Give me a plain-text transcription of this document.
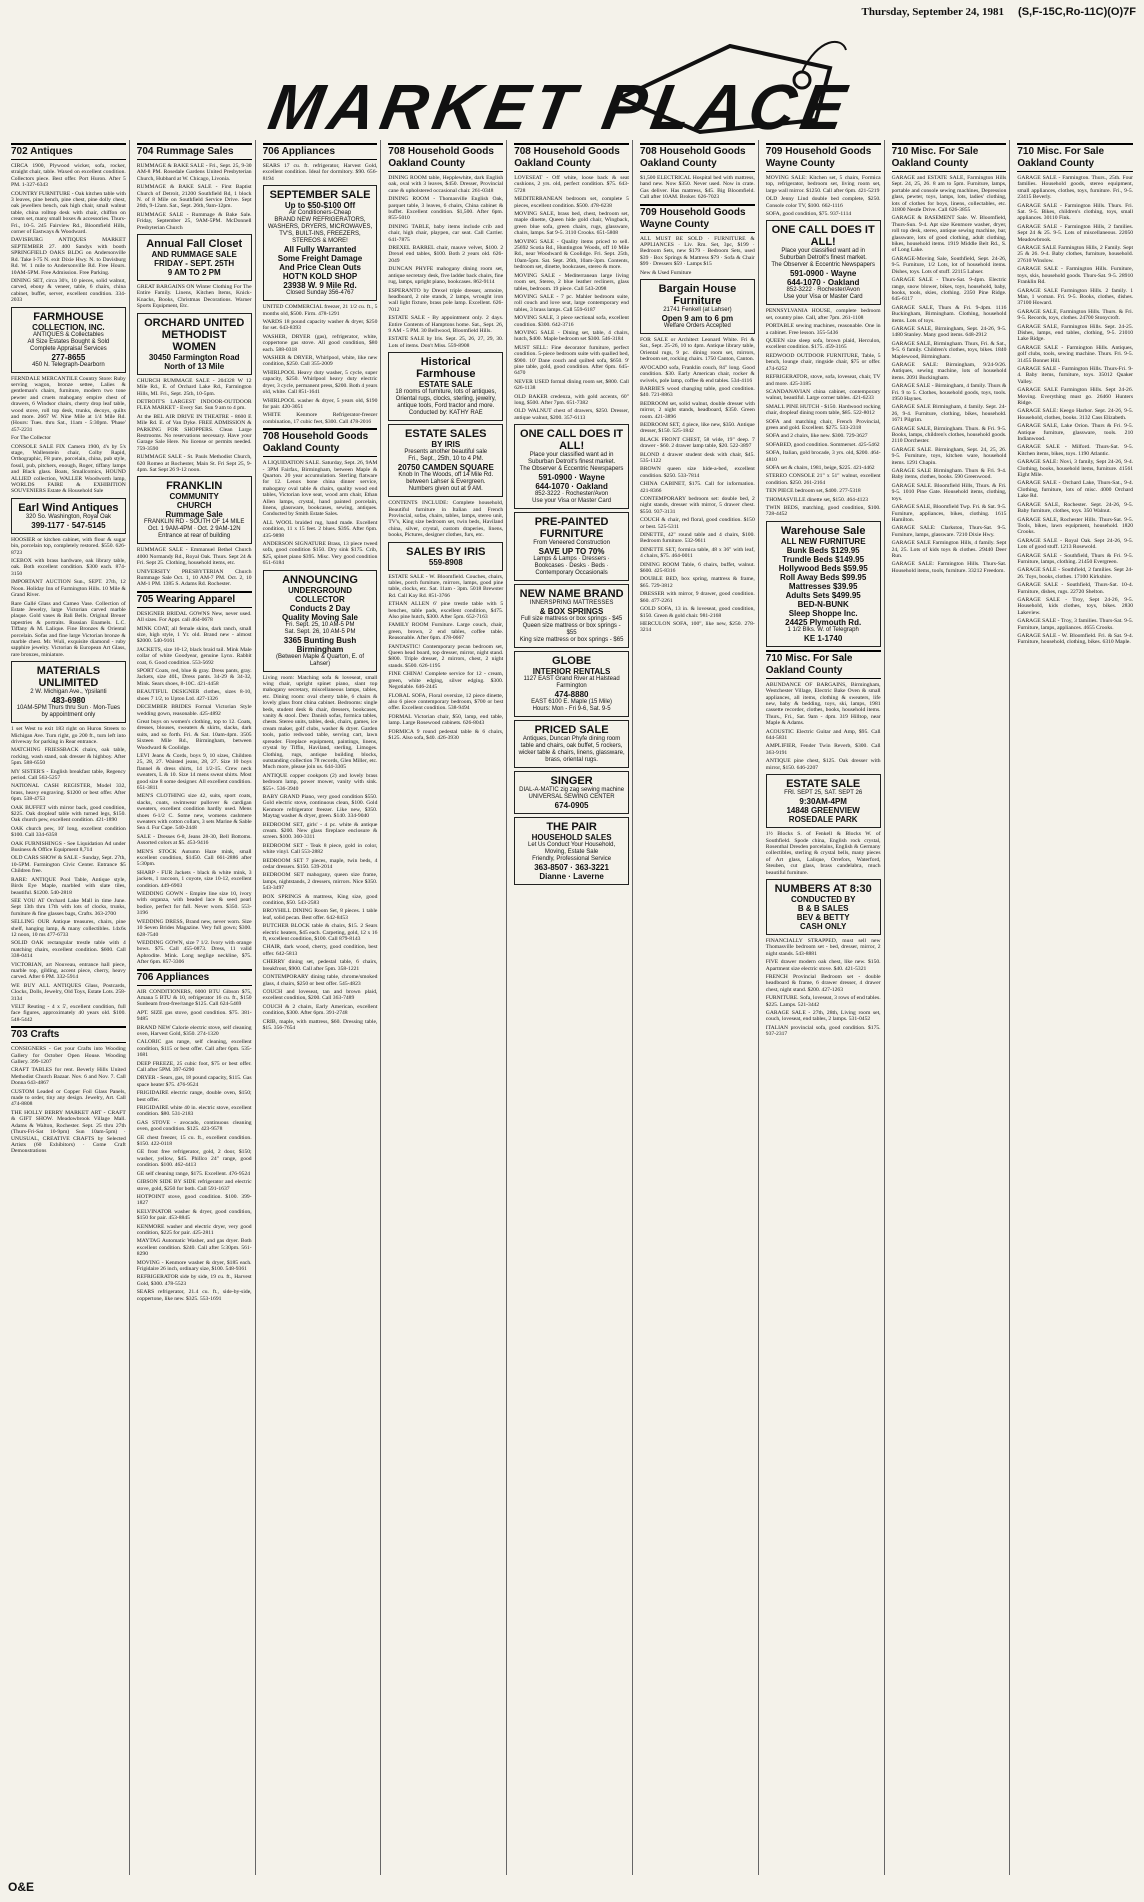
Thursday, September 24, 1981 (S,F-15C,Ro-11C)(O)7F
MARKET PLACE
702 Antiques
CIRCA 1900, Plywood wicker, sofa, rocker, straight chair, table. Waxed on excellent condition. Collectors piece. Best offer. Port Huron. After 5 PM. 1-327-6343
COUNTRY FURNITURE - Oak kitchen table with 3 leaves, pine bench, pine chest, pine dolly chest, oak jewellers bench, oak high chair, small walnut table, china rolltop desk with chair, chiffon on cream set, many small boxes & accessories. Thurs-Fri., 10-5. 245 Fairview Rd., Bloomfield Hills, corner of Eastways & Woodward.
DAVISBURG ANTIQUES MARKET SEPTEMBER 27. 400 Sandys with booth SPRINGFIELD OAKS BLDG on Andersonville Rd. Take I-75 N. exit Dixie Hwy. N. to Davisburg Rd. W. 1 mile to Andersonville Rd. Free Hours. 10AM-5PM. Free Admission. Free Parking.
DINING SET, circa 30's, 10 pieces, solid walnut, carved, ebony & veneer, table, 6 chairs, china cabinet, buffet, server, excellent condition. 334-2033
FARMHOUSE
COLLECTION, INC.
ANTIQUES & Collectables
All Size Estates Bought & Sold
Complete Appraisal Services
277-8655
450 N. Telegraph-Dearborn
FERNDALE MERCANTILE Country Store: Ruby serving wagon, bronze settee, Lalies & gentleman's chairs, furniture, modern two tone pewter and cruets mahogany empire chest of drawers, 6 Windsor chairs, cherry drop leaf table, wood stove, roll top desk, trunks, decoys, quilts and more. 2667 W. Nine Mile at 1/4 Mile Rd. (Hours: Tues. thru Sat., 11am - 5:30pm. 'Phase' 457-2231
For The Collector
CONSOLE SALE FIX Camera 1900, 4's by 5's stage, Wallenstein chair, Colby Rapid, Orthographic, F8 pure, porcelain, china, pub style, fossil, pub, pitchers, enough, Roger, tiffany lamps and Black glass. Boats, Smallcomics, HOUND ALLIED collection, WALLER Woodworth lamp, WORLDS FAIRE & EXHIBITION SOUVENIERS Estate & Household Sale
Earl Wind Antiques
320 So. Washington, Royal Oak
399-1177 · 547-5145
HOOSIER or kitchen cabinet, with flour & sugar bin, porcelain top, completely restored. $550. 626-8723
ICEBOX with brass hardware, oak library table, oak. Both excellent condition. $300 each. 874-3150
IMPORTANT AUCTION Sun., SEPT. 27th, 12 Noon. Holiday Inn of Farmington Hills. 10 Mile & Grand River.
Rare Gallé Glass and Cameo Vase. Collection of Estate Jewelry, large Victorian carved marble plaque. Gold vases & Bali Bells. Original Breuer tapestries & portraits. Russian Enamels. L.C. Tiffany & M. Lalique. Fine Bronzes & Oriental porcelain. Sofas and fine large Victorian bronze & marble chest. Mr. Wuli, exquisite diamond - ruby sapphire jewelry. Victorian & European Art Glass, rare bronzes, miniature.
MATERIALS UNLIMITED
2 W. Michigan Ave., Ypsilanti
483-6980
10AM-5PM Thurs thru Sun · Mon-Tues by appointment only
1 set West to exit 183 right on Huron Streets to Michigan Ave. Turn right, go 200 ft., turn left into driveway for parking in Rear entrance.
MATCHING FRIESSBACK chairs, oak table, rocking, wash stand, oak dresser & highboy. After 5pm. 588-6550
MY SISTER'S - English breakfast table, Regency period. Call 563-5257
NATIONAL CASH REGISTER, Model 332, brass, heavy engraving. $1200 or best offer. After 6pm. 538-4753
OAK BUFFET with mirror back, good condition, $225. Oak dropleaf table with turned legs, $150. Oak church pew, excellent condition. 421-1890
OAK church pew, 10' long, excellent condition $100. Call 334-6358
OAK FURNISHINGS - See Liquidation Ad under Business & Office Equipment 8,714
OLD CARS SHOW & SALE - Sunday, Sept. 27th, 10-5PM. Farmington Civic Center. Entrance $5 Children free.
RARE: ANTIQUE Pool Table, Antique style, Birds Eye Maple, marbled with slate tiles, beautiful. $1200. 540-2818
SEE YOU AT Orchard Lake Mall in time June. Sept 13th thru 17th with lots of clocks, trunks, furniture & fine glasses bags, Crafts. 363-2700
SELLING OUR Antique treasures, chairs, pine shelf, hanging lamp, & many collectibles. 14x6s 12 noon, 10 ms 477-6733
SOLID OAK rectangular trestle table with 4 matching chairs, excellent condition. $600. Call 338-0414
VICTORIAN, art Nouveau, entrance hall piece, marble top, gilding, accent piece, cherry, heavy carved. After 6 PM. 332-5914
WE BUY ALL ANTIQUES Glass, Postcards, Clocks, Dolls, Jewelry, Old Toys, Estate Lots. 258-3134
VELT Reuting - 4 x 5', excellent condition, full face figures, approximately 40 years old. $100. 548-5442
703 Crafts
CONSIGNERS - Get your Crafts into Wooding Gallery for October Open House. Wooding Gallery. 399-1207
CRAFT TABLES for rent. Beverly Hills United Methodist Church Bazaar. Nov. 6 and Nov. 7. Call Donna 643-4867
CUSTOM Leaded or Copper Foil Glass Panels, made to order, tiny any design. Jewelry, Art. Call 474-8808
THE HOLLY BERRY MARKET ART - CRAFT & GIFT SHOW. Meadowbrook Village Mall. Adams & Walton, Rochester. Sept. 25 thru 27th (Thurs-Fri-Sat 10-9pm) Sun 10am-5pm) · UNUSUAL, CREATIVE CRAFTS by Selected Artists (60 Exhibitors) · Come Craft Demonstrations
704 Rummage Sales
RUMMAGE & BAKE SALE - Fri., Sept. 25, 9-30 AM-8 PM. Rosedale Gardens United Presbyterian Church, Hubbard at W. Chicago, Livonia.
RUMMAGE & BAKE SALE - First Baptist Church of Detroit, 21200 Southfield Rd, 1 block N. of 8 Mile on Southfield Service Drive. Sept 26th, 9-12am. Sat., Sept. 26th, 9am-12pm.
RUMMAGE SALE - Rummage & Bake Sale. Friday, September 25, 9AM-5PM. McDonnell Presbyterian Church
Annual Fall Closet
AND RUMMAGE SALE
FRIDAY - SEPT. 25TH
9 AM TO 2 PM
GREAT BARGAINS ON Winter Clothing For The Entire Family. Linens, Kitchen Items, Knick-Knacks, Books, Christmas Decorations. Warner Sports Equipment, Etc.
ORCHARD UNITED METHODIST WOMEN
30450 Farmington Road
North of 13 Mile
CHURCH RUMMAGE SALE - 204328 W 12 Mile Rd., E. of Orchard Lake Rd., Farmington Hills, MI. Fri., Sept. 25th, 10-5pm.
DETROIT'S LARGEST INDOOR-OUTDOOR FLEA MARKET - Every Sat. Sun 9 am to 4 pm.
At the BEL AIR DRIVE IN THEATRE - 8600 E Mile Rd. E. of Van Dyke. FREE ADMISSION & PARKING FOR SHOPPERS. Clean Large Restrooms. No reservations necessary. Have your Garage Sale Here. No license or permits needed. 759-3590
RUMMAGE SALE - St. Pauls Methodist Church, 620 Romeo at Rochester, Main St. Fri Sept 25, 9-4pm. Sat Sept 26 9-12 noon.
FRANKLIN
COMMUNITY
CHURCH
Rummage Sale
FRANKLIN RD - SOUTH OF 14 MILE
Oct. 1 9AM-4PM · Oct. 2 9AM-12N
Entrance at rear of building
RUMMAGE SALE - Emmanuel Bethel Church 4000 Normandy Rd., Royal Oak. Thurs. Sept 24 & Fri. Sept 25. Clothing, household items, etc.
UNIVERSITY PRESBYTERIAN Church Rummage Sale Oct. 1, 10 AM-7 PM. Oct. 2, 10 AM-1 PM. 1385 S. Adams Rd. Rochester.
705 Wearing Apparel
DESIGNER BRIDAL GOWNS New, never used. All sizes. For Appt. call 464-0678
MINK COAT, all female skins, dark ranch, small size, high style, 1 Yr. old. Brand new - almost $2000. 540-9161
JACKETS, size 10-12, black braid tail. Mink Male collar of white Goodyear, genuine Lynx. Rabbit coat, 6. Good condition. 553-5692
SPORT Coats, red, blue & gray. Dress pants, gray. Jackets, size 40L, Dress pants. 34-29 & 34-32, Mink. Sears shoes, 8-10C. 421-4458
BEAUTIFUL DESIGNER clothes, sizes 8-10, shoes 7 1/2, to Upton Ltd. 427-1326
DECEMBER BRIDES Formal Victorian Style wedding gown, reasonable. 425-4892
Great buys on women's clothing, top to 12. Coats, dresses, blouses, sweaters & skirts, slacks, dark suits, and so forth. Fri. & Sat. 10am-4pm. 3505 Sixteen Mile Rd., Birmingham, between Woodward & Coolidge.
LEVI Jeans & Cords, boys 9, 10 sizes, Children 25, 28, 27. Waisted jeans, 28, 27. Size 10 boys flannel & dress shirts, 14 1/2-15. Crew neck sweaters, L & 10. Size 14 mens sweat shirts. Most good size 8 some designer. All excellent condition. 651-3811
MEN'S CLOTHING size 42, suits, sport coats, slacks, coats, swimwear pullover & cardigan sweaters, excellent condition hardly used. Mens shoes 6-1/2 C. Some new, womens cashmere sweaters with cotton collars, 3 sets Marine & Sable Sea 4. Fur Cape. 540-2448
SALE - Dresses 6-8, Jeans 28-30, Bell Bottoms. Assorted colors at $5. 453-9416
MEN'S STOCK Autumn Haze mink, small excellent condition, $1450. Call 661-2886 after 5:30pm.
SHARP - FUR Jackets - black & white mink, 3 jackets, 1 raccoon, 1 coyote, size 10-12, excellent condition. 449-6903
WEDDING GOWN - Empire line size 10, ivory with organza, with beaded lace & seed pearl bodice, perfect for fall. Never worn. $350. 553-3196
WEDDING DRESS, Brand new, never worn. Size 10 Seven Brides Magazine. Very full gown; $300. 628-7540
WEDDING GOWN, size 7 1/2. Ivory with orange bows. $75. Call 455-0873. Dress, 11 valid Aphrodite. Mink. Long neglige neckline, $75. After 6pm. 857-3306
706 Appliances
AIR CONDITIONERS, 6000 BTU Gibson $75, Amana 5 BTU & 10, refrigerator 16 cu. ft., $150 Sunbeam frost-free/range $125. Call 624-5469
APT. SIZE gas stove, good condition. $75. 381-9485
BRAND NEW Calorie electric stove, self cleaning oven, Harvest Gold, $350. 274-1320
CALORIC gas range, self cleaning, excellent condition, $115 or best offer. Call after 6pm. 535-1681
DEEP FREEZE, 25 cubic foot, $75 or best offer. Call after 5PM. 397-6290
DRYER - Sears, gas, 18 pound capacity, $115. Gas space heater $75. 476-9524
FRIGIDAIRE electric range, double oven, $150; best offer.
FRIGIDAIRE white 40 in. electric stove, excellent condition. $80. 531-2183
GAS STOVE - avocado, continuous cleaning oven, good condition. $125. 423-9578
GE chest freezer, 15 cu. ft., excellent condition. $150. 422-0118
GE frost free refrigerator, gold, 2 door, $150; washer, yellow, $45. Phillco 24" range, good condition. $100. 462-4413
GE self cleaning range, $175. Excellent. 476-9524
GIBSON SIDE BY SIDE refrigerator and electric stove, gold, $250 for both. Call 591-1637
HOTPOINT stove, good condition. $100. 399-1827
KELVINATOR washer & dryer, good condition, $150 for pair. 453-8845
KENMORE washer and electric dryer, very good condition, $225 for pair. 425-2811
MAYTAG Automatic Washer, and gas dryer. Both excellent condition. $240. Call after 5:30pm. 561-8290
MOVING - Kenmore washer & dryer, $185 each. Frigidaire 26 inch, ordinary size, $100. 548-9361
REFRIGERATOR side by side, 19 cu. ft., Harvest Gold, $300. 478-5523
SEARS refrigerator, 21.4 cu. ft., side-by-side, coppertone, like new. $325. 553-1691
706 Appliances
SEARS 17 cu. ft. refrigerator, Harvest Gold, excellent condition. Ideal for dormitory. $90. 656-8194
SEPTEMBER SALE
Up to $50-$100 Off
Air Conditioners-Cheap
BRAND NEW REFRIGERATORS, WASHERS, DRYERS, MICROWAVES, TV'S, BUILT-INS, FREEZERS, STEREOS & MORE!
All Fully Warranted
Some Freight Damage
And Price Clean Outs
HOT'N KOLD SHOP
23938 W. 9 Mile Rd.
Closed Sunday 356-4767
UNITED COMMERCIAL freezer, 21 1/2 cu. ft., 5 months old, $500. Firm. 478-1291
WARDS 18 pound capacity washer & dryer, $250 for set. 643-8393
WASHER, DRYER (gas), refrigerator, white, coppertone gas stove. All good condition, $80 each. 588-0318
WASHER & DRYER, Whirlpool, white, like new condition, $250. Call 355-2009
WHIRLPOOL Heavy duty washer, 5 cycle, super capacity, $250. Whirlpool heavy duty electric dryer, 3 cycle, permanent press, $200. Both 4 years old, white. Call 851-1641
WHIRLPOOL washer & dryer, 5 years old, $190 for pair. 420-3051
WHITE Kenmore Refrigerator-freezer combination, 17 cubic feet, $300. Call 478-2016
708 Household Goods Oakland County
A LIQUIDATION SALE. Saturday, Sept. 26, 9AM - 3PM Fairfax, Birmingham, between Maple & Quarton. 20 year accumulation. Sterling flatware for 12. Lenox bone china dinner service, mahogany oval table & chairs, quality wood end tables, Victorian love seat, wood arm chair, Ethan Allen lamps, crystal, hand painted porcelain, linens, glassware, bookcases, sewing, antiques. Conducted by Smith Estate Sales.
ALL WOOL braided rug, hand made. Excellent condition, 11 x 15 feet. 2 blues. $395. After 6pm. 435-9898
ANDERSON SIGNATURE Brass, 13 piece tweed sofa, good condition $150. Dry sink $175. Crib, $25, spinet piano $395. Misc. Very good condition 651-6184
ANNOUNCING
UNDERGROUND
COLLECTOR
Conducts 2 Day
Quality Moving Sale
Fri. Sept. 25, 10 AM-5 PM
Sat. Sept. 26, 10 AM-5 PM
3365 Bunting Bush
Birmingham
(Between Maple & Quarton, E. of Lahser)
Living room: Matching sofa & loveseat, small wing chair, upright spinet piano, slant top mahogany secretary, miscellaneous lamps, tables, etc. Dining room: oval cherry table, 6 chairs & lovely glass front china cabinet. Bedrooms: single beds, student desk & chair, dressers, bookcases, vanity & stool. Den: Danish sofas, formica tables, chests. Stereo units, tables, desk, chairs, games, ice cream maker, golf clubs, washer & dryer. Garden tools, patio redwood table, serving cart, lawn spreader. Fireplace equipment, paintings, linens, crystal by Tiffin, Haviland, sterling, Limoges. Clothing, rugs, antique building blocks, outstanding collection 78 records, Glen Miller, etc. Much more, please join us. 644-3305
ANTIQUE copper cookpots (2) and lovely brass bedroom lamp, power mower, vanity with sink. $55+. 536-3940
BABY GRAND Piano, very good condition $550. Gold electric stove, continuous clean, $100. Gold Kenmore refrigerator freezer. Like new, $350. Maytag washer & dryer, green. $140. 334-9040
BEDROOM SET, girls' - 4 pc. white & antique cream. $200. New glass fireplace enclosure & screen. $100. 360-3311
BEDROOM SET - Teak 8 piece, gold in color, white vinyl. Call 553-2882
BEDROOM SET 7 pieces, maple, twin beds, 4 cedar dressers. $150. 539-2014
BEDROOM SET mahogany, queen size frame, lamps, nightstands, 2 dressers, mirrors. Nice $350. 543-3497
BOX SPRINGS & mattress, King size, good condition, $50. 543-2583
BROYHILL DINING Room Set, 8 pieces. 1 table leaf, solid pecan. Best offer. 642-8453
BUTCHER BLOCK table & chairs, $15. 2 Sears electric heaters, $45 each. Carpeting, gold, 12 x 16 ft, excellent condition, $100. Call 879-8143
CHAIR, dark wood, cherry, good condition, best offer. 642-5813
CHERRY dining set, pedestal table, 6 chairs, breakfront, $900. Call after 5pm. 358-1221
CONTEMPORARY dining table, chrome/smoked glass, 4 chairs, $250 or best offer. 545-4823
COUCH and loveseat, tan and brown plaid, excellent condition, $200. Call 363-7489
COUCH & 2 chairs, Early American, excellent condition, $300. After 6pm. 391-2748
CRIB, maple, with mattress, $60. Dressing table, $15. 356-7654
708 Household Goods Oakland County
DINING ROOM table, Hepplewhite, dark English oak, oval with 3 leaves, $450. Dresser, Provincial cane & upholstered occasional chair. 261-0348
DINING ROOM - Thomasville English Oak, parquet table, 3 leaves, 6 chairs, China cabinet & buffet. Excellent condition. $1,500. After 6pm. 855-5010
DINING TABLE, baby items include crib and chair, high chair, playpen, car seat. Call Carrier. 641-7875
DREXEL BARREL chair, mauve velvet, $100. 2 Drexel end tables, $100. Both 2 years old. 626-2049
DUNCAN PHYFE mahogany dining room set, antique secretary desk, five ladder back chairs, fine rug, lamps, upright piano, bookcases. 862-9114
ESPERANTO by Drexel triple dresser, armoire, headboard, 2 nite stands, 2 lamps, wrought iron wall light fixture, brass pole lamp. Excellent. 626-7012
ESTATE SALE - By appointment only. 2 days. Entire Contents of Hamptons home. Sat., Sept. 26, 9 AM - 5 PM. 30 Bellwood, Bloomfield Hills.
ESTATE SALE by Iris. Sept. 25, 26, 27, 29, 30. Lots of items. Don't Miss. 559-8908
Historical Farmhouse
ESTATE SALE
18 rooms of furniture, lots of antiques, Oriental rugs, clocks, sterling, jewelry, antique tools, Ford tractor and more.
Conducted by: KATHY RAE
ESTATE SALES
BY IRIS
Presents another beautiful sale
Fri., Sept., 25th, 10 to 4 PM.
20750 CAMDEN SQUARE
Knob In The Woods, off 14 Mile Rd. between Lahser & Evergreen.
Numbers given out at 9 AM.
CONTENTS INCLUDE: Complete household, Beautiful furniture in Italian and French Provincial, sofas, chairs, tables, lamps, stereo unit, TV's, King size bedroom set, twin beds, Haviland china, silver, crystal, custom draperies, linens, books, Pictures, designer clothes, furs, etc.
SALES BY IRIS
559-8908
ESTATE SALE - W. Bloomfield. Couches, chairs, tables, porch furniture, mirrors, lamps, good pine table, clocks, etc. Sat. 11am - 3pm. 5018 Brewster Rd. Call Kay Rd. 851-3766
ETHAN ALLEN 6' pine trestle table with 5 benches, table pads, excellent condition, $475. Also pine hutch, $300. After 5pm. 652-7163
FAMILY ROOM Furniture. Large couch, chair, green, brown, 2 end tables, coffee table. Reasonable. After 6pm. 478-0667
FANTASTIC! Contemporary pecan bedroom set, Queen head board, top dresser, mirror, night stand. $800. Triple dresser, 2 mirrors, chest, 2 night stands. $500. 626-1195
FINE CHINA! Complete service for 12 - cream, green, white edging, silver edging. $300. Negotiable. 646-2445
FLORAL SOFA, Floral oversize, 12 piece dinette, also 6 piece contemporary bedroom, $700 or best offer. Excellent condition. 538-9494
FORMAL Victorian chair, $50, lamp, end table, lamp. Large Rosewood cabinets. 626-8043
FORMICA 9 round pedestal table & 6 chairs, $125. Also sofa, $40. 426-3930
708 Household Goods Oakland County
LOVESEAT - Off white, loose back & seat cushions, 2 yrs. old, perfect condition. $75. 643-5728
MEDITERRANEAN bedroom set, complete 5 pieces, excellent condition. $500. 478-6238
MOVING SALE, brass bed, chest, bedroom set, maple dinette, Queen hide gold chair, Wingback, green blue sofa, green chairs, rugs, glassware, chairs, lamps. Sat 9-5. 3110 Crooks. 651-5808
MOVING SALE - Quality items priced to sell. 25692 Scotia Rd., Huntington Woods, off 10 Mile Rd., near Woodward & Coolidge. Fri. Sept. 25th, 10am-5pm. Sat. Sept. 26th, 10am-3pm. Contents, bedroom set, dinette, bookcases, stereo & more.
MOVING SALE - Mediterranean large living room set, Stereo, 2 blue leather recliners, glass tables, bedroom. 19 piece. Call 543-2098
MOVING SALE - 7 pc. Mahler bedroom suite, roll couch and love seat, large contemporary end tables, 3 brass lamps. Call 559-6187
MOVING SALE, 3 piece sectional sofa, excellent condition. $300. 642-3716
MOVING SALE - Dining set, table, 4 chairs, hutch, $400. Maple bedroom set $300. 546-3184
MUST SELL: Fine decorator furniture, perfect condition. 5-piece bedroom suite with qualled bed, $900. 10' Dane couch and quilted sofa, $650. 9' pine table, gold, good condition. After 6pm. 645-6470
NEVER USED formal dining room set, $800. Call 626-1138
OLD BAKER credenza, with gold accents, 60" long, $500. After 7pm. 651-7382
OLD WALNUT chest of drawers, $250. Dresser, antique walnut, $200. 357-6113
ONE CALL DOES IT ALL!
Place your classified want ad in Suburban Detroit's finest market.
The Observer & Eccentric Newspapers
591-0900 · Wayne
644-1070 · Oakland
852-3222 · Rochester/Avon
Use your Visa or Master Card
PRE-PAINTED FURNITURE
From Veneered Construction
SAVE UP TO 70%
Lamps & Lamps · Dressers · Bookcases · Desks · Beds · Contemporary Occasionals
NEW NAME BRAND
INNERSPRING MATTRESSES
& BOX SPRINGS
Full size mattress or box springs - $45
Queen size mattress or box springs - $55
King size mattress or box springs - $65
GLOBE
INTERIOR RENTALS
1127 EAST Grand River at Halstead Farmington
474-8880
EAST 6100 E. Maple (15 Mile)
Hours: Mon - Fri 9-6, Sat. 9-5
PRICED SALE
Antiques, Duncan Phyfe dining room table and chairs, oak buffet, 5 rockers, wicker table & chairs, linens, glassware, brass, oriental rugs.
SINGER
DIAL-A-MATIC zig zag sewing machine
UNIVERSAL SEWING CENTER
674-0905
THE PAIR
HOUSEHOLD SALES
Let Us Conduct Your Household, Moving, Estate Sale
Friendly, Professional Service
363-8507 · 363-3221
Dianne · Laverne
708 Household Goods Oakland County
$1,500 ELECTRICAL Hospital bed with mattress, hand new. Now $350. Never used. Now in crate. Gas deliver. Has mattress, $45. Big Bloomfield. Call after 10AM. Broker. 626-7023
709 Household Goods Wayne County
ALL MUST BE SOLD · FURNITURE & APPLIANCES · Liv. Rm. Set, 3pc, $199 · Bedroom Sets, new $179 · Bedroom Sets, used $39 · Box Springs & Mattress $79 · Sofa & Chair $99 · Dressers $59 · Lamps $15
New & Used Furniture
Bargain House Furniture
21741 Fenkell (at Lahser)
Open 9 am to 6 pm
Welfare Orders Accepted
FOR SALE or Architect Leonard White. Fri & Sat., Sept. 25-26, 10 to 4pm. Antique library table, Oriental rugs, 9 pc. dining room set, mirrors, bedroom set, rocking chairs. 1750 Canton, Canton.
AVOCADO sofa, Franklin couch, 84" long. Good condition. $30. Early American chair, rocker & swivels, pole lamp, coffee & end tables. 534-4116
BARBIE'S wood changing table, good condition. $40. 721-8863
BEDROOM set, solid walnut, double dresser with mirror, 2 night stands, headboard, $350. Green room. 421-3896
BEDROOM SET, 4 piece, like new, $350. Antique dresser, $150. 525-1842
BLACK FRONT CHEST, 58 wide, 19" deep. 7 drawer - $60. 2 drawer lamp table, $20. 522-3897
BLOND 4 drawer student desk with chair, $45. 535-1122
BROWN queen size hide-a-bed, excellent condition. $250. 533-7814
CHINA CABINET, $175. Call for information. 421-8366
CONTEMPORARY bedroom set: double bed, 2 night stands, dresser with mirror, 5 drawer chest. $550. 937-3131
COUCH & chair, red floral, good condition. $150 or best. 525-5311
DINETTE, 42" round table and 4 chairs, $100. Bedroom furniture. 532-9611
DINETTE SET, formica table, 48 x 36" with leaf, 4 chairs, $75. 464-0011
DINING ROOM Table, 6 chairs, buffet, walnut. $600. 425-8316
DOUBLE BED, box spring, mattress & frame, $65. 729-3812
DRESSER with mirror, 9 drawer, good condition. $60. 477-2261
GOLD SOFA, 13 in. & loveseat, good condition, $150. Green & gold chair. 981-2168
HERCULON SOFA, 100", like new, $250. 278-3214
709 Household Goods Wayne County
MOVING SALE: Kitchen set, 5 chairs, Formica top, refrigerator, bedroom set, living room set, large wall mirror. $1250. Call after 6pm. 421-5219
OLD Jenny Lind double bed complete, $250. Console color TV, $100. 662-1116
SOFA, good condition, $75. 937-1114
ONE CALL DOES IT ALL!
Place your classified want ad in Suburban Detroit's finest market.
The Observer & Eccentric Newspapers
591-0900 · Wayne
644-1070 · Oakland
852-3222 · Rochester/Avon
Use your Visa or Master Card
PENNSYLVANIA HOUSE, complete bedroom set, country pine. Call, after 7pm. 261-1108
PORTABLE sewing machines, reasonable. One in a cabinet. Free lesson. 355-5436
QUEEN size sleep sofa, brown plaid, Herculon, excellent condition. $175. 459-3165
REDWOOD OUTDOOR FURNITURE, Table, 5 bench, lounge chair, ringside chair, $75 or offer. 474-6252
REFRIGERATOR, stove, sofa, loveseat, chair, TV and more. 425-3185
SCANDANAVIAN china cabinet, contemporary walnut, beautiful. Large corner tables. 421-6233
SMALL PINE HUTCH - $150. Hardwood rocking chair, dropleaf dining room table, $85. 522-8012
SOFA and matching chair, French Provincial, green and gold. Excellent. $275. 533-2318
SOFA and 2 chairs, like new. $300. 729-3627
SOFABED, good condition. Sommerset. 425-5462
SOFA, Italian, gold brocade, 3 yrs. old, $200. 464-4810
SOFA set & chairs, 1981, beige, $225. 421-4462
STEREO CONSOLE 21" x 51" walnut, excellent condition. $250. 261-2164
TEN PIECE bedroom set, $400. 277-5318
THOMASVILLE dinette set, $150. 464-4123
TWIN BEDS, matching, good condition, $100. 728-4452
Warehouse Sale
ALL NEW FURNITURE
Bunk Beds $129.95
Trundle Beds $149.95
Hollywood Beds $59.95
Roll Away Beds $99.95
Mattresses $39.95
Adults Sets $499.95
BED-N-BUNK
Sleep Shoppe Inc.
24425 Plymouth Rd.
1 1/2 Blks. W. of Telegraph
KE 1-1740
710 Misc. For Sale Oakland County
ABUNDANCE OF BARGAINS, Birmingham, Westchester Village, Electric Bake Oven & small appliances, all items, clothing & sweaters, life new, baby & bedding, toys, ski, lamps, 1981 cassette recorder, clothes, books, household items. Thurs., Fri., Sat. 9am - 4pm. 319 Hilltop, near Maple & Adams.
ACOUSTIC Electric Guitar and Amp, $95. Call 644-5831
AMPLIFIER, Fender Twin Reverb, $300. Call 363-9191
ANTIQUE pine chest, $125. Oak dresser with mirror, $150. 646-2207
ESTATE SALE
FRI. SEPT 25, SAT. SEPT 26
9:30AM-4PM
14848 GREENVIEW
ROSEDALE PARK
1½ Blocks S. of Fenkell & Blocks W. of Southfield. Spode china, English rock crystal, Rosenthal Dresden porcelains, English & Germany collectibles, sterling & crystal bells, many pieces of Art glass, Lalique, Orrefors, Waterford, Steuben, cut glass, brass candelabra, much beautiful furniture.
NUMBERS AT 8:30
CONDUCTED BY
B & B SALES
BEV & BETTY
CASH ONLY
FINANCIALLY STRAPPED, must sell new Thomasville bedroom set - bed, dresser, mirror, 2 night stands. 543-8881
FIVE drawer modern oak chest, like new. $150. Apartment size electric stove. $40. 421-5321
FRENCH Provincial Bedroom set - double headboard & frame, 6 drawer dresser, 4 drawer chest, night stand. $200. 427-1263
FURNITURE. Sofa, loveseat, 3 rows of end tables. $225. Lamps. 521-3442
GARAGE SALE - 27th, 28th, Living room set, couch, loveseat, end tables, 2 lamps. 531-0452
ITALIAN provincial sofa, good condition. $175. 937-2317
710 Misc. For Sale Oakland County
GARAGE and ESTATE SALE, Farmington Hills Sept. 24, 25, 26. 8 am to 5pm. Furniture, lamps, portable and console sewing machines, Depression glass, pewter, toys, lamps, lots, ladies' clothing, lots of clothes for boys, linens, collectables, etc. 31800 Nestle Drive. Call 626-3855
GARAGE & BASEMENT Sale. W. Bloomfield, Thurs-Sun. 9-4. Apt size Kenmore washer, dryer, roll top desk, stereo, antique sewing machine, bar, glassware, lots of good clothing, adult clothing, bikes, household items. 1919 Middle Belt Rd., S. of Long Lake.
GARAGE-Moving Sale, Southfield, Sept. 24-26, 9-5. Furniture, 1/2 Lots, lot of household items. Dishes, toys. Lots of stuff. 22115 Lahser.
GARAGE SALE - Thurs-Sat. 9-4pm. Electric range, snow blower, bikes, toys, household, baby, books, tools, skies, clothing. 2350 Pine Ridge. 645-6117
GARAGE SALE, Thurs & Fri. 9-4pm. 1116 Buckingham, Birmingham. Clothing, household items. Lots of toys.
GARAGE SALE, Birmingham, Sept. 24-26, 9-5. 1480 Stanley. Many good items. 648-2912
GARAGE SALE, Birmingham. Thurs, Fri. & Sat., 9-5. 6 family. Children's clothes, toys, bikes. 1840 Maplewood, Birmingham.
GARAGE SALE: Birmingham, 9/24-9/26. Antiques, sewing machine, lots of household items. 2091 Buckingham.
GARAGE SALE - Birmingham, 4 family. Thurs & Fri. 9 to 5. Clothes, household goods, toys, tools. 1950 Haynes.
GARAGE SALE Birmingham, 4 family. Sept. 24-26, 9-4. Furniture, clothing, bikes, household. 1671 Pilgrim.
GARAGE SALE, Birmingham. Thurs. & Fri. 9-5. Books, lamps, children's clothes, household goods. 2110 Dorchester.
GARAGE SALE. Birmingham, Sept. 24, 25, 26. 9-5. Furniture, toys, kitchen ware, household items. 1291 Chapin.
GARAGE SALE Birmingham. Thurs & Fri. 9-4. Baby items, clothes, books. 590 Greenwood.
GARAGE SALE. Bloomfield Hills, Thurs. & Fri. 9-5. 1010 Pine Gate. Household items, clothing, toys.
GARAGE SALE, Bloomfield Twp. Fri. & Sat. 9-5. Furniture, appliances, bikes, clothing. 1615 Hamilton.
GARAGE SALE: Clarkston, Thurs-Sat. 9-5. Furniture, lamps, glassware. 7210 Dixie Hwy.
GARAGE SALE Farmington Hills, 4 family. Sept 24, 25. Lots of kids toys & clothes. 29440 Deer Run.
GARAGE SALE: Farmington Hills. Thurs-Sat. Household items, tools, furniture. 33212 Freedom.
710 Misc. For Sale Oakland County
GARAGE SALE - Farmington. Thurs., 25th. Four families. Household goods, stereo equipment, small appliances, clothes, toys, furniture. Fri., 9-5. 23415 Beverly.
GARAGE SALE - Farmington Hills. Thurs. Fri. Sat. 9-5. Bikes, children's clothing, toys, small appliances. 30110 Fink.
GARAGE SALE - Farmington Hills, 2 families. Sept 24 & 25. 9-5. Lots of miscellaneous. 22050 Meadowbrook.
GARAGE SALE Farmington Hills, 2 Family. Sept 25 & 26. 9-4. Baby clothes, furniture, household. 27610 Winslow.
GARAGE SALE - Farmington Hills. Furniture, toys, skis, household goods. Thurs-Sat. 9-5. 28910 Franklin Rd.
GARAGE SALE Farmington Hills. 2 family. 1 Man, 1 woman. Fri. 9-5. Books, clothes, dishes. 37100 Howard.
GARAGE SALE, Farmington Hills. Thurs. & Fri. 9-5. Records, toys, clothes. 24700 Stonycroft.
GARAGE SALE, Farmington Hills. Sept. 24-25. Dishes, lamps, end tables, clothing, 9-5. 21010 Lake Ridge.
GARAGE SALE - Farmington Hills. Antiques, golf clubs, tools, sewing machine. Thurs. Fri. 9-5. 31455 Bonnet Hill.
GARAGE SALE - Farmington Hills. Thurs-Fri. 9-4. Baby items, furniture, toys. 35012 Quaker Valley.
GARAGE SALE Farmington Hills. Sept 24-26. Moving. Everything must go. 26460 Hunters Ridge.
GARAGE SALE: Keego Harbor. Sept. 24-26, 9-5. Household, clothes, books. 3132 Cass Elizabeth.
GARAGE SALE, Lake Orion. Thurs & Fri. 9-5. Antique furniture, glassware, tools. 210 Indianwood.
GARAGE SALE - Milford. Thurs-Sat. 9-5. Kitchen items, bikes, toys. 1190 Atlantic.
GARAGE SALE: Novi, 3 family, Sept 24-26, 9-4. Clothing, books, household items, furniture. 41561 Eight Mile.
GARAGE SALE - Orchard Lake, Thurs-Sat., 9-4. Clothing, furniture, lots of misc. 4000 Orchard Lake Rd.
GARAGE SALE, Rochester. Sept. 24-26, 9-5. Baby furniture, clothes, toys. 350 Walnut.
GARAGE SALE, Rochester Hills. Thurs-Sat. 9-5. Tools, bikes, lawn equipment, household. 1820 Crooks.
GARAGE SALE - Royal Oak. Sept 24-26, 9-5. Lots of good stuff. 1213 Rosewold.
GARAGE SALE - Southfield, Thurs & Fri. 9-5. Furniture, lamps, clothing. 21450 Evergreen.
GARAGE SALE - Southfield, 2 families. Sept 24-26. Toys, books, clothes. 17100 Kirkshire.
GARAGE SALE - Southfield, Thurs-Sat. 10-4. Furniture, dishes, rugs. 22720 Shelton.
GARAGE SALE - Troy, Sept 24-26, 9-5. Household, kids clothes, toys, bikes. 2830 Lakeview.
GARAGE SALE - Troy, 3 families. Thurs-Sat. 9-5. Furniture, lamps, appliances. 4655 Crooks.
GARAGE SALE - W. Bloomfield. Fri. & Sat. 9-4. Furniture, household, clothing, bikes. 6310 Maple.
O&E
